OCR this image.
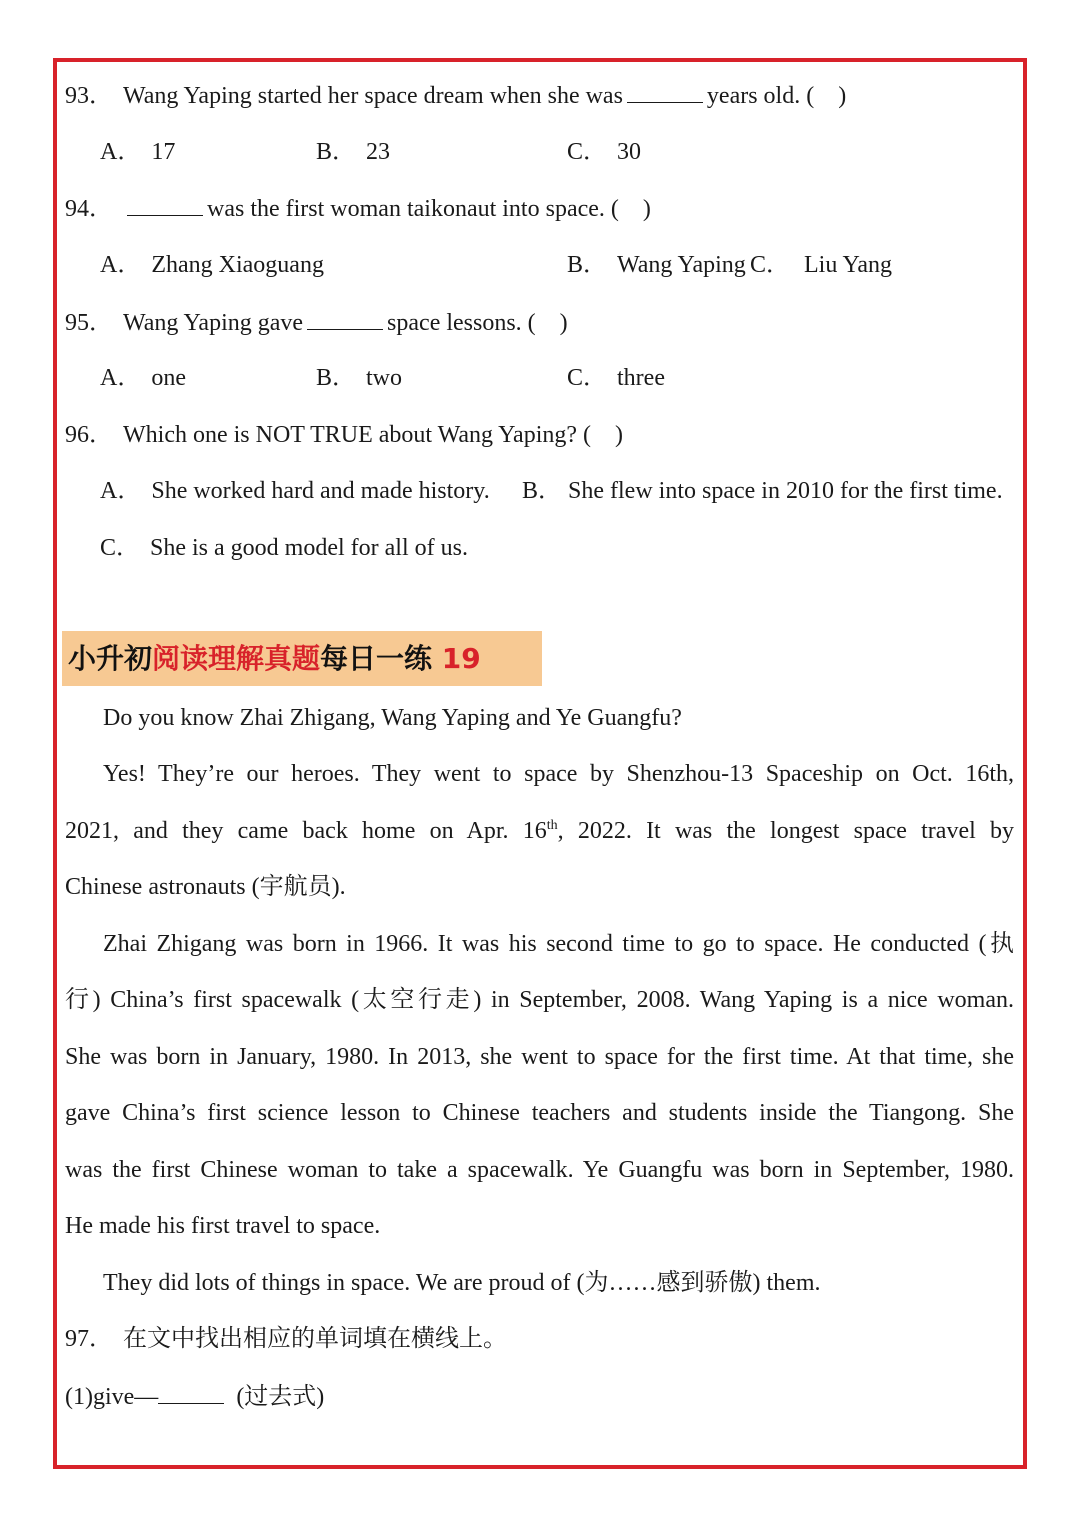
93． Wang Yaping started her space dream when she was	years old. (　)
A． 17	B． 23	C． 30
94．	was the first woman taikonaut into space. (　)
A． Zhang Xiaoguang	B． Wang Yaping C． Liu Yang
95． Wang Yaping gave	space lessons. (　)
A． one	B． two	C． three
96． Which one is NOT TRUE about Wang Yaping? (　)
A． She worked hard and made history. B． She flew into space in 2010 for the first time.
C． She is a good model for all of us.
小升初阅读理解真题每日一练 19
Do you know Zhai Zhigang, Wang Yaping and Ye Guangfu?
Yes! They’re our heroes. They went to space by Shenzhou-13 Spaceship on Oct. 16th,
2021, and they came back home on Apr. 16th, 2022. It was the longest space travel by
Chinese astronauts (宇航员).
Zhai Zhigang was born in 1966. It was his second time to go to space. He conducted (执
行) China’s first spacewalk (太空行走) in September, 2008. Wang Yaping is a nice woman.
She was born in January, 1980. In 2013, she went to space for the first time. At that time, she
gave China’s first science lesson to Chinese teachers and students inside the Tiangong. She
was the first Chinese woman to take a spacewalk. Ye Guangfu was born in September, 1980.
He made his first travel to space.
They did lots of things in space. We are proud of (为……感到骄傲) them.
97． 在文中找出相应的单词填在横线上。
(1)give—	(过去式)
